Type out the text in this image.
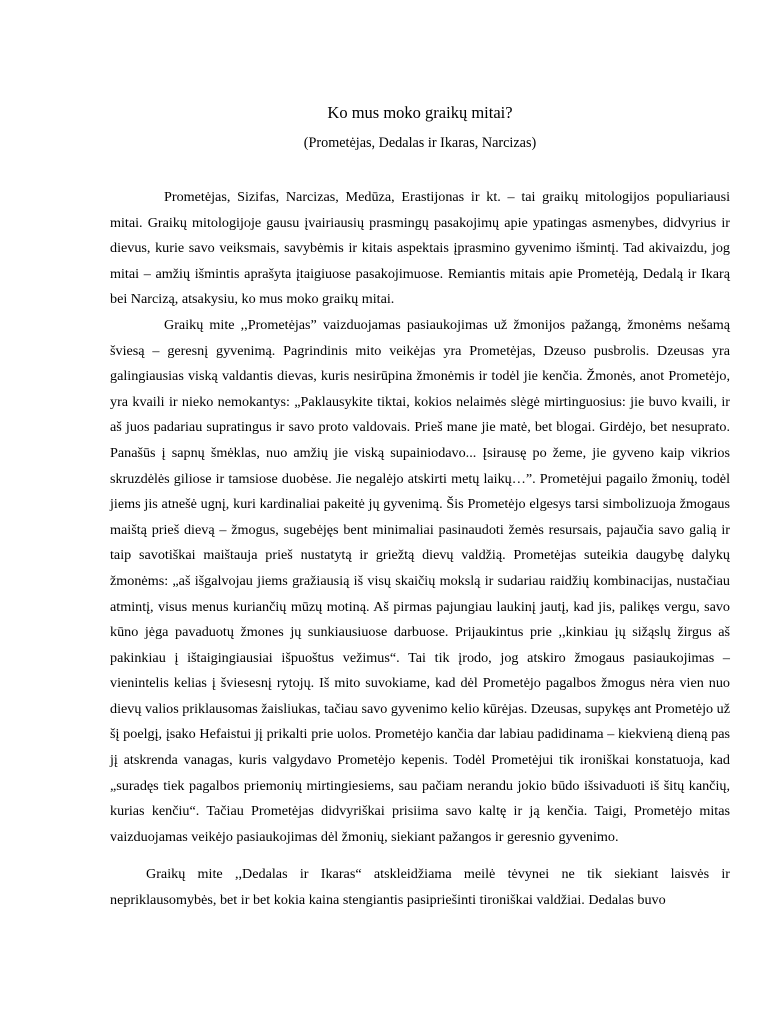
Ko mus moko graikų mitai?
(Prometėjas, Dedalas ir Ikaras, Narcizas)

Prometėjas, Sizifas, Narcizas, Medūza, Erastijonas ir kt. – tai graikų mitologijos populiariausi mitai. Graikų mitologijoje gausu įvairiausių prasmingų pasakojimų apie ypatingas asmenybes, didvyrius ir dievus, kurie savo veiksmais, savybėmis ir kitais aspektais įprasmino gyvenimo išmintį. Tad akivaizdu, jog mitai – amžių išmintis aprašyta įtaigiuose pasakojimuose. Remiantis mitais apie Prometėją, Dedalą ir Ikarą bei Narcizą, atsakysiu, ko mus moko graikų mitai.

Graikų mite ,,Prometėjas” vaizduojamas pasiaukojimas už žmonijos pažangą, žmonėms nešamą šviesą – geresnį gyvenimą. Pagrindinis mito veikėjas yra Prometėjas, Dzeuso pusbrolis. Dzeusas yra galingiausias viską valdantis dievas, kuris nesirūpina žmonėmis ir todėl jie kenčia. Žmonės, anot Prometėjo, yra kvaili ir nieko nemokantys: „Paklausykite tiktai, kokios nelaimės slėgė mirtinguosius: jie buvo kvaili, ir aš juos padariau supratingus ir savo proto valdovais. Prieš mane jie matė, bet blogai. Girdėjo, bet nesuprato. Panašūs į sapnų šmėklas, nuo amžių jie viską supainiodavo... Įsirausę po žeme, jie gyveno kaip vikrios skruzdėlės giliose ir tamsiose duobėse. Jie negalėjo atskirti metų laikų…”. Prometėjui pagailo žmonių, todėl jiems jis atnešė ugnį, kuri kardinaliai pakeitė jų gyvenimą. Šis Prometėjo elgesys tarsi simbolizuoja žmogaus maištą prieš dievą – žmogus, sugebėjęs bent minimaliai pasinaudoti žemės resursais, pajaučia savo galią ir taip savotiškai maištauja prieš nustatytą ir griežtą dievų valdžią. Prometėjas suteikia daugybę dalykų žmonėms: „aš išgalvojau jiems gražiausią iš visų skaičių mokslą ir sudariau raidžių kombinacijas, nustačiau atmintį, visus menus kuriančių mūzų motiną. Aš pirmas pajungiau laukinį jautį, kad jis, palikęs vergu, savo kūno jėga pavaduotų žmones jų sunkiausiuose darbuose. Prijaukintus prie ,,kinkiau įų sižąslų žirgus aš pakinkiau į ištaigingiausiai išpuoštus vežimus“. Tai tik įrodo, jog atskiro žmogaus pasiaukojimas – vienintelis kelias į šviesesnį rytojų. Iš mito suvokiame, kad dėl Prometėjo pagalbos žmogus nėra vien nuo dievų valios priklausomas žaisliukas, tačiau savo gyvenimo kelio kūrėjas. Dzeusas, supykęs ant Prometėjo už šį poelgį, įsako Hefaistui jį prikalti prie uolos. Prometėjo kančia dar labiau padidinama – kiekvieną dieną pas jį atskrenda vanagas, kuris valgydavo Prometėjo kepenis. Todėl Prometėjui tik ironiškai konstatuoja, kad „suradęs tiek pagalbos priemonių mirtingiesiems, sau pačiam nerandu jokio būdo išsivaduoti iš šitų kančių, kurias kenčiu“. Tačiau Prometėjas didvyriškai prisiima savo kaltę ir ją kenčia. Taigi, Prometėjo mitas vaizduojamas veikėjo pasiaukojimas dėl žmonių, siekiant pažangos ir geresnio gyvenimo.

Graikų mite ,,Dedalas ir Ikaras“ atskleidžiama meilė tėvynei ne tik siekiant laisvės ir nepriklausomybės, bet ir bet kokia kaina stengiantis pasipriešinti tironiškai valdžiai. Dedalas buvo
